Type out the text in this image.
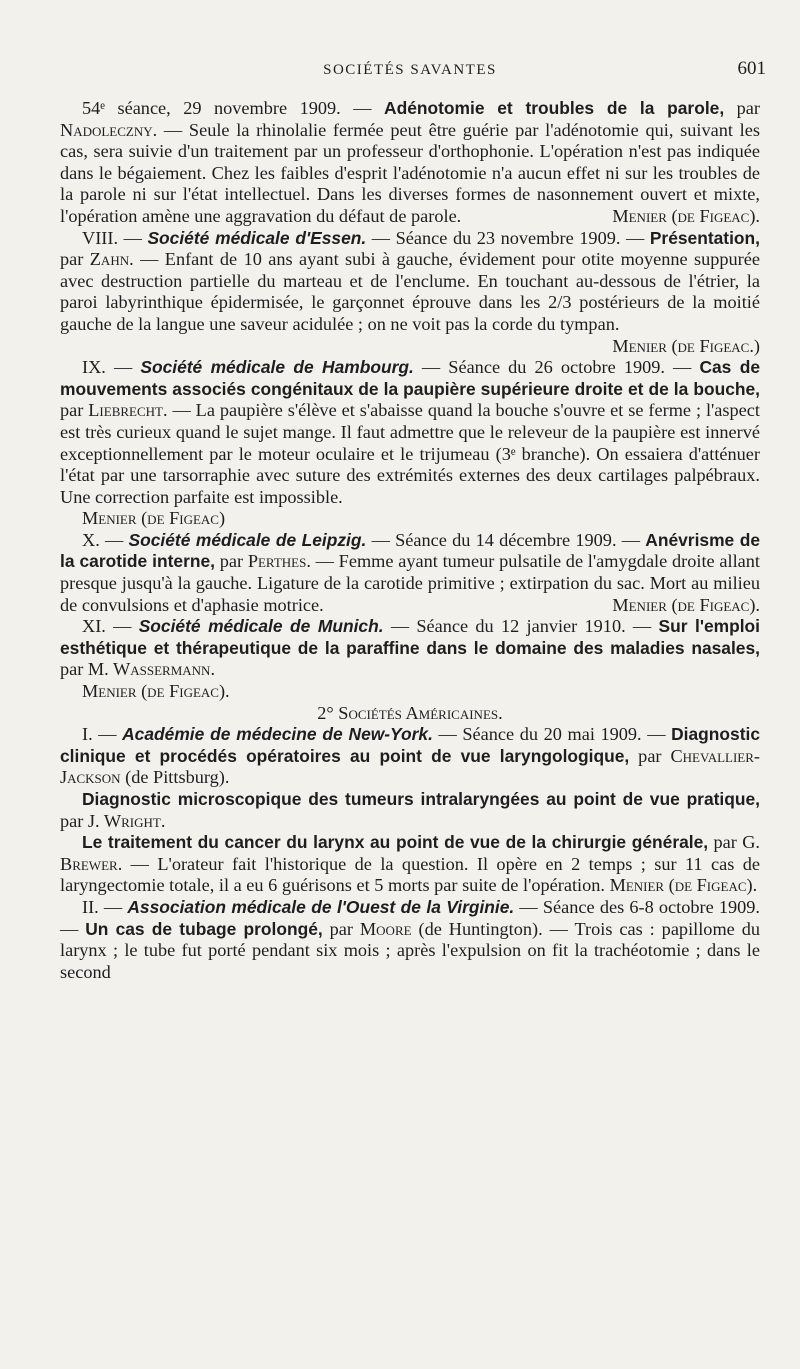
SOCIÉTÉS SAVANTES	601

54ᵉ séance, 29 novembre 1909. — Adénotomie et troubles de la parole, par Nadoleczny. — Seule la rhinolalie fermée peut être guérie par l'adénotomie qui, suivant les cas, sera suivie d'un traitement par un professeur d'orthophonie. L'opération n'est pas indiquée dans le bégaiement. Chez les faibles d'esprit l'adénotomie n'a aucun effet ni sur les troubles de la parole ni sur l'état intellectuel. Dans les diverses formes de nasonnement ouvert et mixte, l'opération amène une aggravation du défaut de parole.	Menier (de Figeac).

VIII. — Société médicale d'Essen. — Séance du 23 novembre 1909. — Présentation, par Zahn. — Enfant de 10 ans ayant subi à gauche, évidement pour otite moyenne suppurée avec destruction partielle du marteau et de l'enclume. En touchant au-dessous de l'étrier, la paroi labyrinthique épidermisée, le garçonnet éprouve dans les 2/3 postérieurs de la moitié gauche de la langue une saveur acidulée ; on ne voit pas la corde du tympan.
Menier (de Figeac.)

IX. — Société médicale de Hambourg. — Séance du 26 octobre 1909. — Cas de mouvements associés congénitaux de la paupière supérieure droite et de la bouche, par Liebrecht. — La paupière s'élève et s'abaisse quand la bouche s'ouvre et se ferme ; l'aspect est très curieux quand le sujet mange. Il faut admettre que le releveur de la paupière est innervé exceptionnellement par le moteur oculaire et le trijumeau (3ᵉ branche). On essaiera d'atténuer l'état par une tarsorraphie avec suture des extrémités externes des deux cartilages palpébraux. Une correction parfaite est impossible.

Menier (de Figeac)

X. — Société médicale de Leipzig. — Séance du 14 décembre 1909. — Anévrisme de la carotide interne, par Perthes. — Femme ayant tumeur pulsatile de l'amygdale droite allant presque jusqu'à la gauche. Ligature de la carotide primitive ; extirpation du sac. Mort au milieu de convulsions et d'aphasie motrice.	Menier (de Figeac).

XI. — Société médicale de Munich. — Séance du 12 janvier 1910. — Sur l'emploi esthétique et thérapeutique de la paraffine dans le domaine des maladies nasales, par M. Wassermann.

Menier (de Figeac).

2° Sociétés Américaines.

I. — Académie de médecine de New-York. — Séance du 20 mai 1909. — Diagnostic clinique et procédés opératoires au point de vue laryngologique, par Chevallier-Jackson (de Pittsburg).

Diagnostic microscopique des tumeurs intralaryngées au point de vue pratique, par J. Wright.

Le traitement du cancer du larynx au point de vue de la chirurgie générale, par G. Brewer. — L'orateur fait l'historique de la question. Il opère en 2 temps ; sur 11 cas de laryngectomie totale, il a eu 6 guérisons et 5 morts par suite de l'opération. Menier (de Figeac).

II. — Association médicale de l'Ouest de la Virginie. — Séance des 6-8 octobre 1909. — Un cas de tubage prolongé, par Moore (de Huntington). — Trois cas : papillome du larynx ; le tube fut porté pendant six mois ; après l'expulsion on fit la trachéotomie ; dans le second
